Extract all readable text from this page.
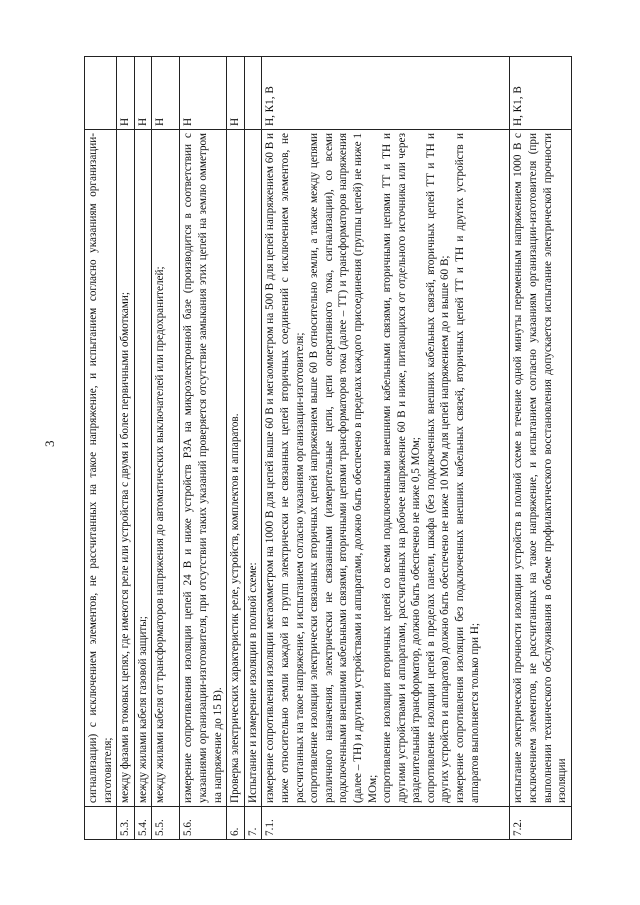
3
		сигнализации) с исключением элементов, не рассчитанных на такое напряжение, и испытанием согласно указаниям организации-изготовителя;	
5.3.	между фазами в токовых цепях, где имеются реле или устройства с двумя и более первичными обмотками;	Н
5.4.	между жилами кабеля газовой защиты;	Н
5.5.	между жилами кабеля от трансформаторов напряжения до автоматических выключателей или предохранителей;	Н
5.6.	измерение сопротивления изоляции цепей 24 В и ниже устройств РЗА на микроэлектронной базе (производится в соответствии с указаниями организации-изготовителя, при отсутствии таких указаний проверяется отсутствие замыкания этих цепей на землю омметром на напряжение до 15 В).	Н
6.	Проверка электрических характеристик реле, устройств, комплектов и аппаратов.	Н
7.	Испытание и измерение изоляции в полной схеме:	
7.1.	измерение сопротивления изоляции мегаомметром на 1000 В для цепей выше 60 В и мегаомметром на 500 В для цепей напряжением 60 В и ниже относительно земли каждой из групп электрически не связанных цепей вторичных соединений с исключением элементов, не рассчитанных на такое напряжение, и испытанием согласно указаниям организации-изготовителя; сопротивление изоляции электрически связанных вторичных цепей напряжением выше 60 В относительно земли, а также между цепями различного назначения, электрически не связанными (измерительные цепи, цепи оперативного тока, сигнализации), со всеми подключенными внешними кабельными связями, вторичными цепями трансформаторов тока (далее – ТТ) и трансформаторов напряжения (далее – ТН) и другими устройствами и аппаратами, должно быть обеспечено в пределах каждого присоединения (группы цепей) не ниже 1 МОм; сопротивление изоляции вторичных цепей со всеми подключенными внешними кабельными связями, вторичными цепями ТТ и ТН и другими устройствами и аппаратами, рассчитанных на рабочее напряжение 60 В и ниже, питающихся от отдельного источника или через разделительный трансформатор, должно быть обеспечено не ниже 0,5 МОм; сопротивление изоляции цепей в пределах панели, шкафа (без подключенных внешних кабельных связей, вторичных цепей ТТ и ТН и других устройств и аппаратов) должно быть обеспечено не ниже 10 МОм для цепей напряжением до и выше 60 В; измерение сопротивления изоляции без подключенных внешних кабельных связей, вторичных цепей ТТ и ТН и других устройств и аппаратов выполняется только при Н;	Н, К1, В
7.2.	испытание электрической прочности изоляции устройств в полной схеме в течение одной минуты переменным напряжением 1000 В с исключением элементов, не рассчитанных на такое напряжение, и испытанием согласно указаниям организации-изготовителя (при выполнении технического обслуживания в объеме профилактического восстановления допускается испытание электрической прочности изоляции	Н, К1, В
